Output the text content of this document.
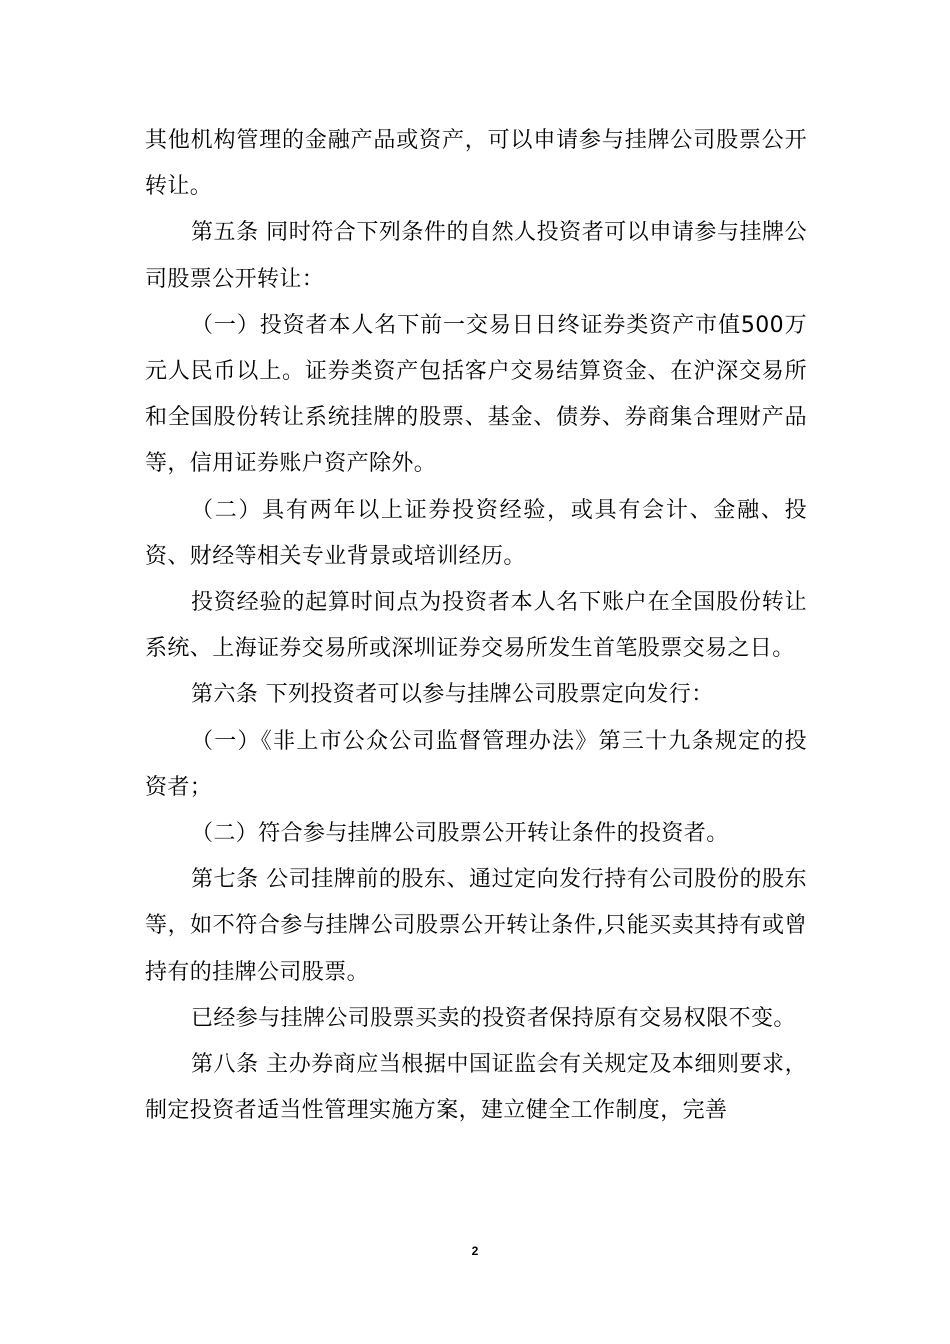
其他机构管理的金融产品或资产，可以申请参与挂牌公司股票公开转让。

第五条 同时符合下列条件的自然人投资者可以申请参与挂牌公司股票公开转让：

（一）投资者本人名下前一交易日日终证券类资产市值500万元人民币以上。证券类资产包括客户交易结算资金、在沪深交易所和全国股份转让系统挂牌的股票、基金、债券、券商集合理财产品等，信用证券账户资产除外。

（二）具有两年以上证券投资经验，或具有会计、金融、投资、财经等相关专业背景或培训经历。

投资经验的起算时间点为投资者本人名下账户在全国股份转让系统、上海证券交易所或深圳证券交易所发生首笔股票交易之日。

第六条 下列投资者可以参与挂牌公司股票定向发行：

（一）《非上市公众公司监督管理办法》第三十九条规定的投资者；

（二）符合参与挂牌公司股票公开转让条件的投资者。

第七条 公司挂牌前的股东、通过定向发行持有公司股份的股东等，如不符合参与挂牌公司股票公开转让条件,只能买卖其持有或曾持有的挂牌公司股票。

已经参与挂牌公司股票买卖的投资者保持原有交易权限不变。

第八条 主办券商应当根据中国证监会有关规定及本细则要求，制定投资者适当性管理实施方案，建立健全工作制度，完善

2
